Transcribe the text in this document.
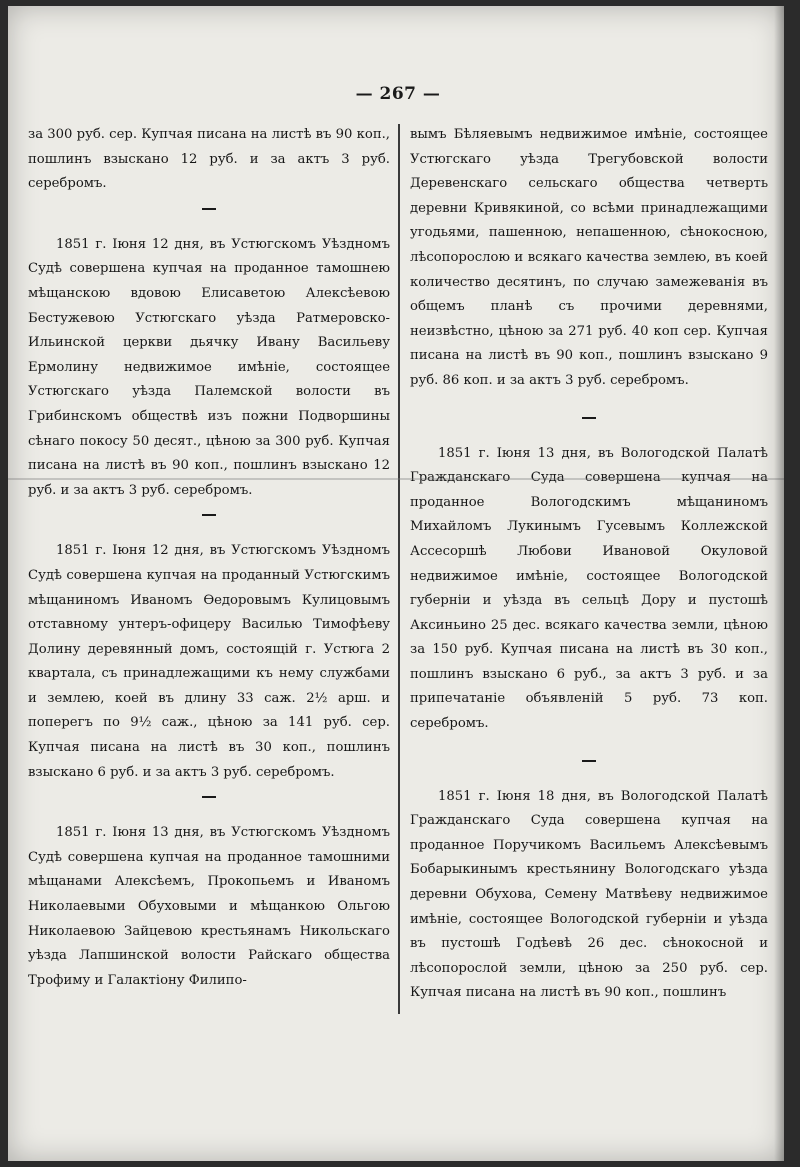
— 267 —

за 300 руб. сер. Купчая писана на листѣ въ 90 коп., пошлинъ взыскано 12 руб. и за актъ 3 руб. серебромъ.

1851 г. Іюня 12 дня, въ Устюгскомъ Уѣздномъ Судѣ совершена купчая на проданное тамошнею мѣщанскою вдовою Елисаветою Алексѣевою Бестужевою Устюгскаго уѣзда Ратмеровско-Ильинской церкви дьячку Ивану Васильеву Ермолину недвижимое имѣніе, состоящее Устюгскаго уѣзда Палемской волости въ Грибинскомъ обществѣ изъ пожни Подворшины сѣнаго покосу 50 десят., цѣною за 300 руб. Купчая писана на листѣ въ 90 коп., пошлинъ взыскано 12 руб. и за актъ 3 руб. серебромъ.

1851 г. Іюня 12 дня, въ Устюгскомъ Уѣздномъ Судѣ совершена купчая на проданный Устюгскимъ мѣщаниномъ Иваномъ Ѳедоровымъ Кулицовымъ отставному унтеръ-офицеру Василью Тимофѣеву Долину деревянный домъ, состоящій г. Устюга 2 квартала, съ принадлежащими къ нему службами и землею, коей въ длину 33 саж. 2½ арш. и поперегъ по 9½ саж., цѣною за 141 руб. сер. Купчая писана на листѣ въ 30 коп., пошлинъ взыскано 6 руб. и за актъ 3 руб. серебромъ.

1851 г. Іюня 13 дня, въ Устюгскомъ Уѣздномъ Судѣ совершена купчая на проданное тамошними мѣщанами Алексѣемъ, Прокопьемъ и Иваномъ Николаевыми Обуховыми и мѣщанкою Ольгою Николаевою Зайцевою крестьянамъ Никольскаго уѣзда Лапшинской волости Райскаго общества Трофиму и Галактіону Филипо-

вымъ Бѣляевымъ недвижимое имѣніе, состоящее Устюгскаго уѣзда Трегубовской волости Деревенскаго сельскаго общества четверть деревни Кривякиной, со всѣми принадлежащими угодьями, пашенною, непашенною, сѣнокосною, лѣсопорослою и всякаго качества землею, въ коей количество десятинъ, по случаю замежеванія въ общемъ планѣ съ прочими деревнями, неизвѣстно, цѣною за 271 руб. 40 коп сер. Купчая писана на листѣ въ 90 коп., пошлинъ взыскано 9 руб. 86 коп. и за актъ 3 руб. серебромъ.

1851 г. Іюня 13 дня, въ Вологодской Палатѣ Гражданскаго Суда совершена купчая на проданное Вологодскимъ мѣщаниномъ Михайломъ Лукинымъ Гусевымъ Коллежской Ассесоршѣ Любови Ивановой Окуловой недвижимое имѣніе, состоящее Вологодской губерніи и уѣзда въ сельцѣ Дору и пустошѣ Аксиньино 25 дес. всякаго качества земли, цѣною за 150 руб. Купчая писана на листѣ въ 30 коп., пошлинъ взыскано 6 руб., за актъ 3 руб. и за припечатаніе объявленій 5 руб. 73 коп. серебромъ.

1851 г. Іюня 18 дня, въ Вологодской Палатѣ Гражданскаго Суда совершена купчая на проданное Поручикомъ Васильемъ Алексѣевымъ Бобарыкинымъ крестьянину Вологодскаго уѣзда деревни Обухова, Семену Матвѣеву недвижимое имѣніе, состоящее Вологодской губерніи и уѣзда въ пустошѣ Годѣевѣ 26 дес. сѣнокосной и лѣсопорослой земли, цѣною за 250 руб. сер. Купчая писана на листѣ въ 90 коп., пошлинъ
